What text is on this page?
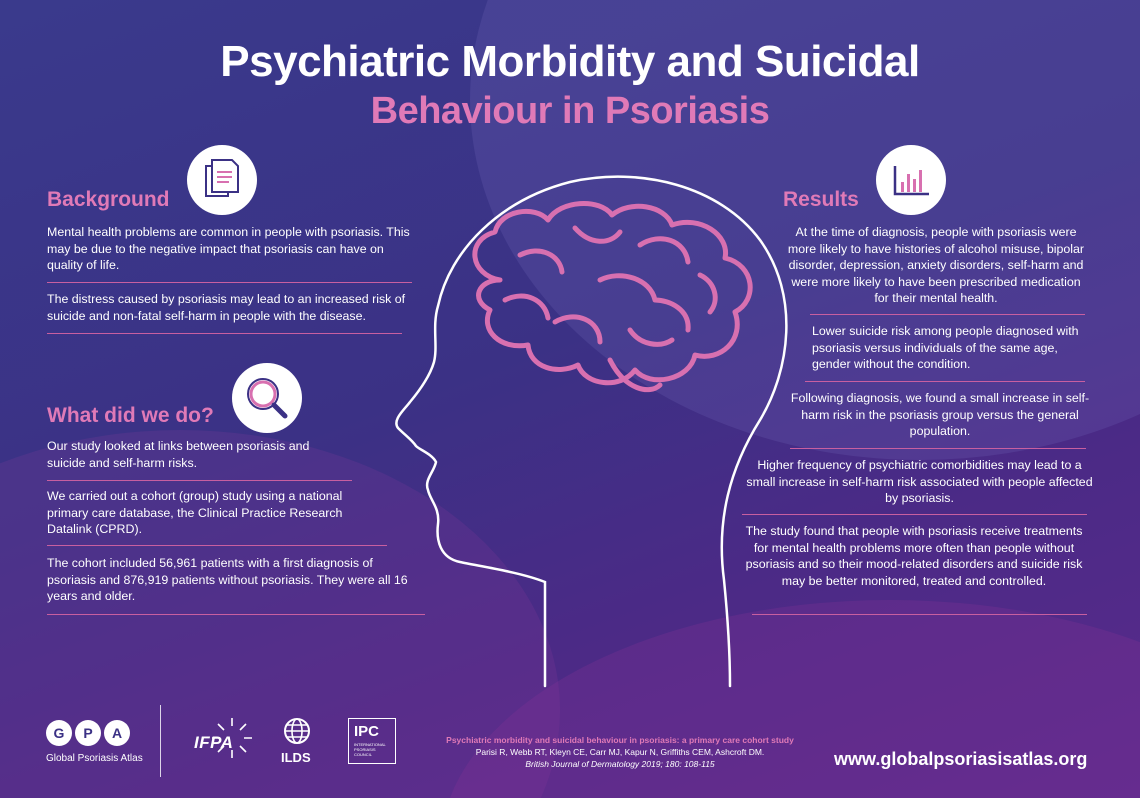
Psychiatric Morbidity and Suicidal
Behaviour in Psoriasis
Background
Mental health problems are common in people with psoriasis. This may be due to the negative impact that psoriasis can have on quality of life.
The distress caused by psoriasis may lead to an increased risk of suicide and non-fatal self-harm in people with the disease.
What did we do?
Our study looked at links between psoriasis and suicide and self-harm risks.
We carried out a cohort (group) study using a national primary care database, the Clinical Practice Research Datalink (CPRD).
The cohort included 56,961 patients with a first diagnosis of psoriasis and 876,919 patients without psoriasis. They were all 16 years and older.
Results
At the time of diagnosis, people with psoriasis were more likely to have histories of alcohol misuse, bipolar disorder, depression, anxiety disorders, self-harm and were more likely to have been prescribed medication for their mental health.
Lower suicide risk among people diagnosed with psoriasis versus individuals of the same age, gender without the condition.
Following diagnosis, we found a small increase in self-harm risk in the psoriasis group versus the general population.
Higher frequency of psychiatric comorbidities may lead to a small increase in self-harm risk associated with people affected by psoriasis.
The study found that people with psoriasis receive treatments for mental health problems more often than people without psoriasis and so their mood-related disorders and suicide risk may be better monitored, treated and controlled.
G	P	A
Global Psoriasis Atlas
IFPA
ILDS
IPC
INTERNATIONAL PSORIASIS COUNCIL
Psychiatric morbidity and suicidal behaviour in psoriasis: a primary care cohort study
Parisi R, Webb RT, Kleyn CE, Carr MJ, Kapur N, Griffiths CEM, Ashcroft DM.
British Journal of Dermatology 2019; 180: 108-115	www.globalpsoriasisatlas.org
